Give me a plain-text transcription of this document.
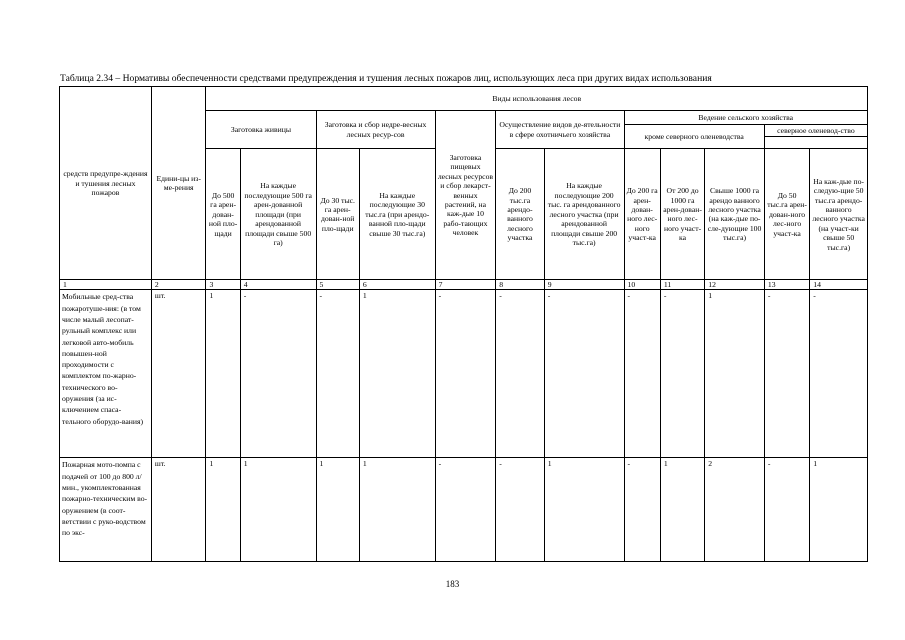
Таблица 2.34 – Нормативы обеспеченности средствами предупреждения и тушения лесных пожаров лиц, использующих леса при других видах использования
средств предупре-ждения и тушения лесных пожаров	Едини-цы из-ме-рения	Виды использования лесов											
		Заготовка живицы		Заготовка и сбор недре-весных лесных ресур-сов		Заготовка пищевых лесных ресурсов и сбор лекарст-венных растений, на каж-дые 10 рабо-тающих человек	Осуществление видов де-ятельности в сфере охотничьего хозяйства		Ведение сельского хозяйства				
									кроме северного оленеводства			северное оленевод-ство	

		До 500 га арен-дован-ной пло-щади	На каждые последующие 500 га арен-дованной площади (при арендованной площади свыше 500 га)	До 30 тыс. га арен-дован-ной пло-щади	На каждые последующие 30 тыс.га (при арендо-ванной пло-щади свыше 30 тыс.га)		До 200 тыс.га арендо-ванного лесного участка	На каждые последующие 200 тыс. га арендованного лесного участка (при арендованной площади свыше 200 тыс.га)	До 200 га арен-дован-ного лес-ного участ-ка	От 200 до 1000 га арен-дован-ного лес-ного участ-ка	Свыше 1000 га арендо ванного лесного участка (на каж-дые по-сле-дующие 100 тыс.га)	До 50 тыс.га арен-дован-ного лес-ного участ-ка	На каж-дые по-следую-щие 50 тыс.га арендо-ванного лесного участка (на участ-ки свыше 50 тыс.га)
1	2	3	4	5	6	7	8	9	10	11	12	13	14
Мобильные сред-ства пожаротуше-ния: (в том числе малый лесопат-рульный комплекс или легковой авто-мобиль повышен-ной проходимости с комплектом по-жарно-технического во-оружения (за ис-ключением спаса-тельного оборудо-вания)	шт.	1	-	-	1	-	-	-	-	-	1	-	-
Пожарная мото-помпа с подачей от 100 до 800 л/мин., укомплектованная пожарно-техническим во-оружением (в соот-ветствии с руко-водством по экс-	шт.	1	1	1	1	-	-	1	-	1	2	-	1
183
